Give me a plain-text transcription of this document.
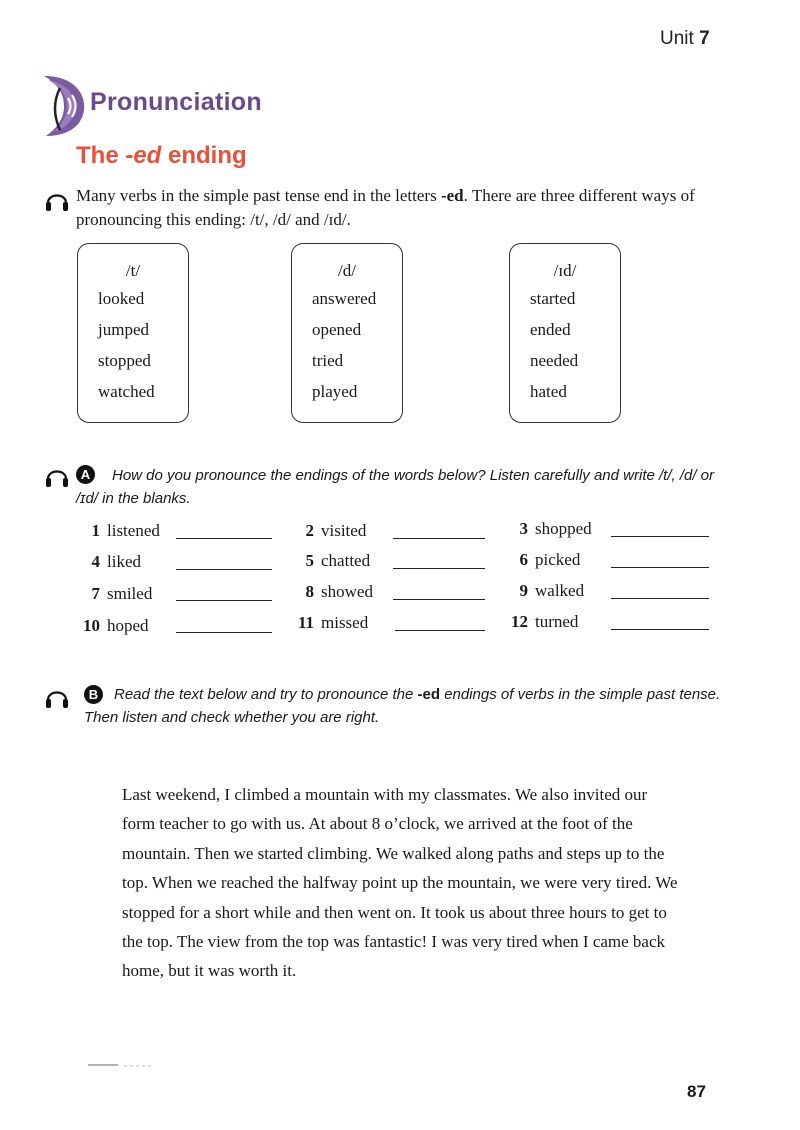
Unit 7
Pronunciation
The -ed ending
Many verbs in the simple past tense end in the letters -ed. There are three different ways of pronouncing this ending: /t/, /d/ and /ɪd/.
/t/
looked
jumped
stopped
watched
/d/
answered
opened
tried
played
/ɪd/
started
ended
needed
hated
A	How do you pronounce the endings of the words below? Listen carefully and write /t/, /d/ or /ɪd/ in the blanks.
1 listened	2 visited	3 shopped
4 liked	5 chatted	6 picked
7 smiled	8 showed	9 walked
10 hoped	11 missed	12 turned
B	Read the text below and try to pronounce the -ed endings of verbs in the simple past tense. Then listen and check whether you are right.
Last weekend, I climbed a mountain with my classmates. We also invited our form teacher to go with us. At about 8 o’clock, we arrived at the foot of the mountain. Then we started climbing. We walked along paths and steps up to the top. When we reached the halfway point up the mountain, we were very tired. We stopped for a short while and then went on. It took us about three hours to get to the top. The view from the top was fantastic! I was very tired when I came back home, but it was worth it.
87
